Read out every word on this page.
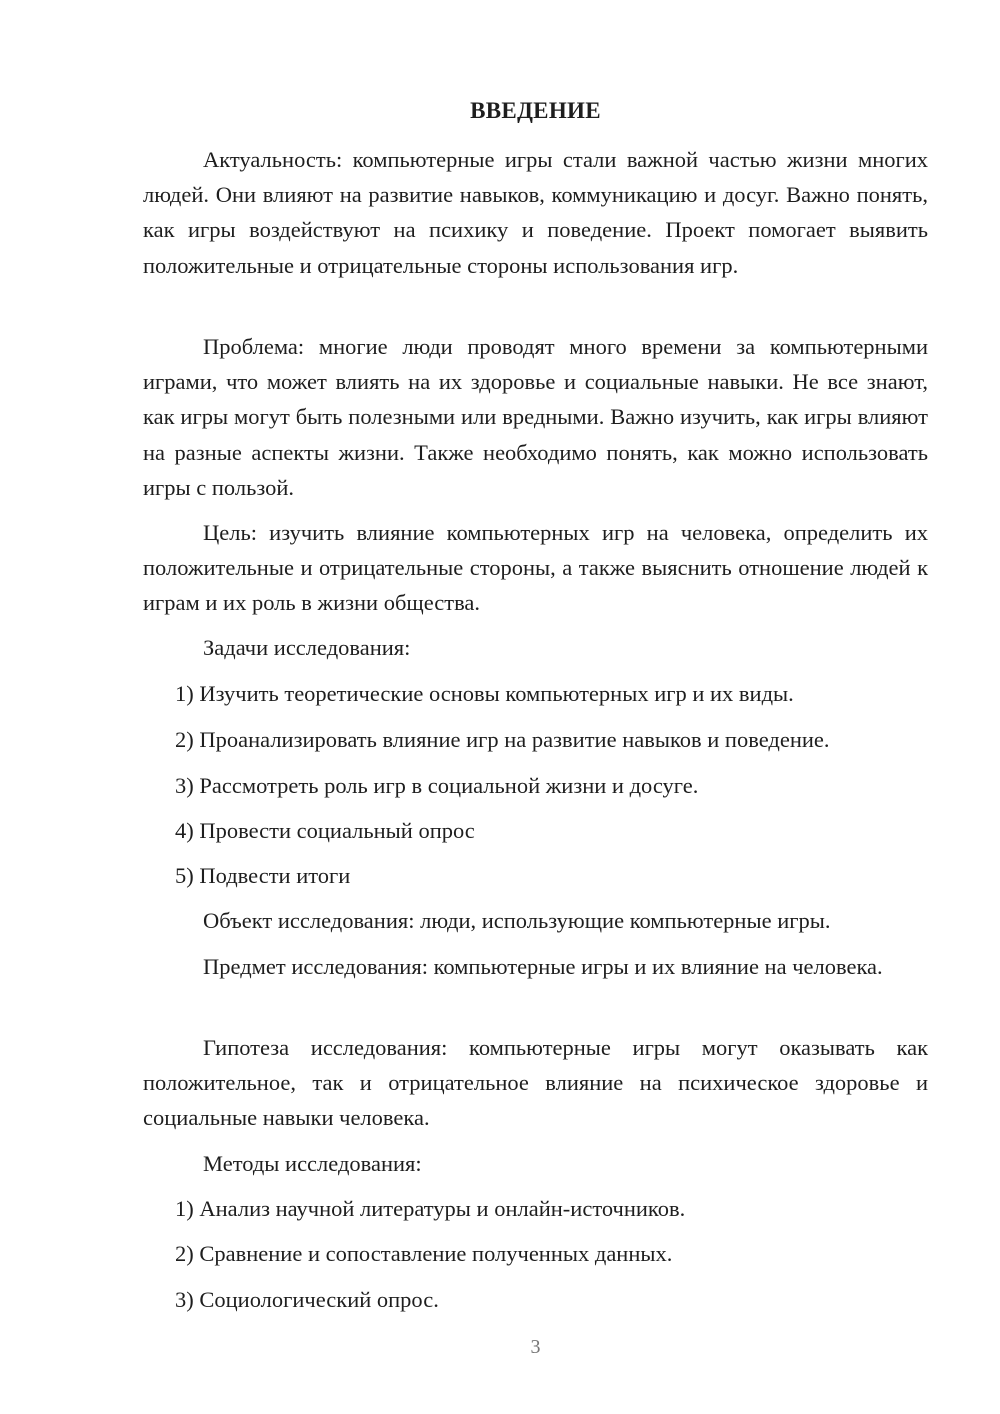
ВВЕДЕНИЕ

Актуальность: компьютерные игры стали важной частью жизни многих людей. Они влияют на развитие навыков, коммуникацию и досуг. Важно понять, как игры воздействуют на психику и поведение. Проект помогает выявить положительные и отрицательные стороны использования игр.

Проблема: многие люди проводят много времени за компьютерными играми, что может влиять на их здоровье и социальные навыки. Не все знают, как игры могут быть полезными или вредными. Важно изучить, как игры влияют на разные аспекты жизни. Также необходимо понять, как можно использовать игры с пользой.

Цель: изучить влияние компьютерных игр на человека, определить их положительные и отрицательные стороны, а также выяснить отношение людей к играм и их роль в жизни общества.

Задачи исследования:

1) Изучить теоретические основы компьютерных игр и их виды.

2) Проанализировать влияние игр на развитие навыков и поведение.

3) Рассмотреть роль игр в социальной жизни и досуге.

4) Провести социальный опрос

5) Подвести итоги

Объект исследования: люди, использующие компьютерные игры.

Предмет исследования: компьютерные игры и их влияние на человека.

Гипотеза исследования: компьютерные игры могут оказывать как положительное, так и отрицательное влияние на психическое здоровье и социальные навыки человека.

Методы исследования:

1) Анализ научной литературы и онлайн-источников.

2) Сравнение и сопоставление полученных данных.

3) Социологический опрос.

3
